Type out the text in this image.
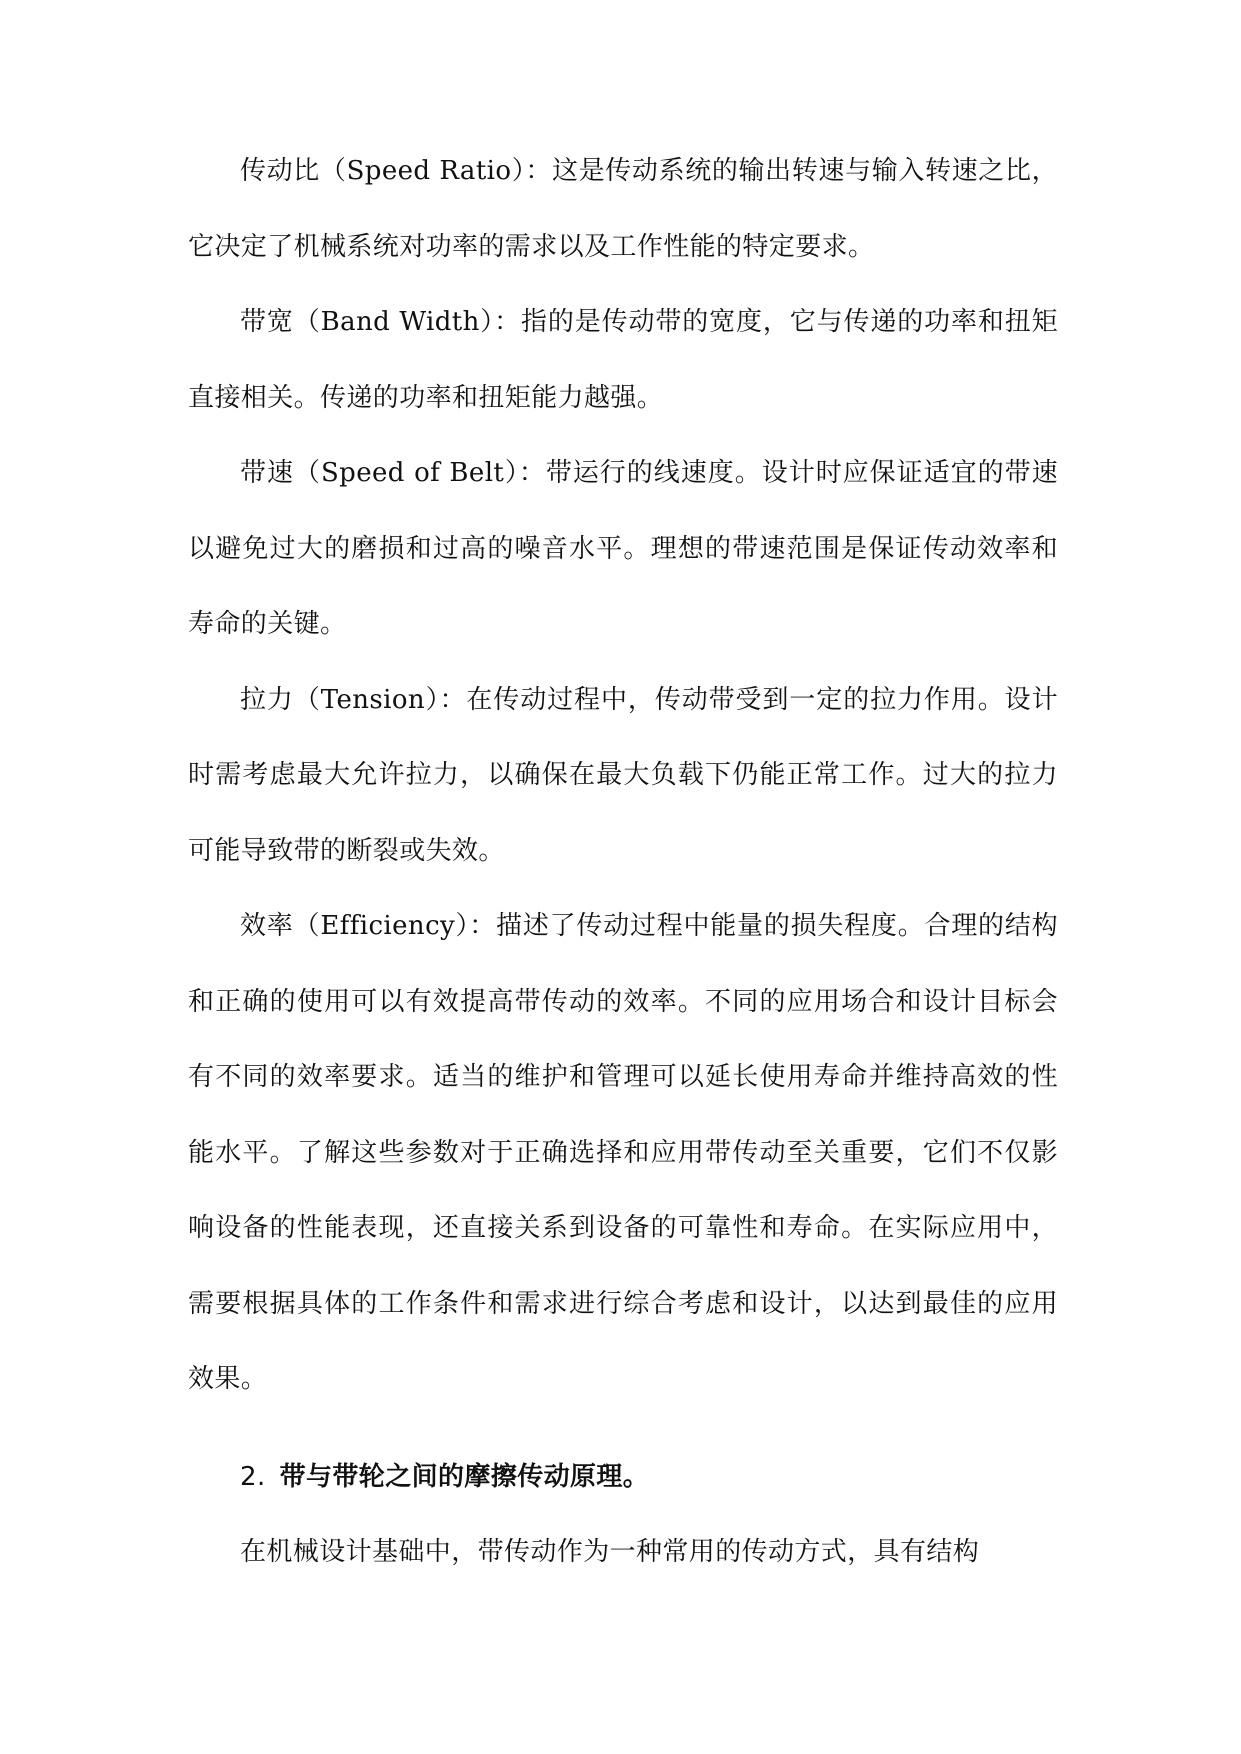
传动比（Speed Ratio）：这是传动系统的输出转速与输入转速之比，它决定了机械系统对功率的需求以及工作性能的特定要求。

带宽（Band Width）：指的是传动带的宽度，它与传递的功率和扭矩直接相关。传递的功率和扭矩能力越强。

带速（Speed of Belt）：带运行的线速度。设计时应保证适宜的带速以避免过大的磨损和过高的噪音水平。理想的带速范围是保证传动效率和寿命的关键。

拉力（Tension）：在传动过程中，传动带受到一定的拉力作用。设计时需考虑最大允许拉力，以确保在最大负载下仍能正常工作。过大的拉力可能导致带的断裂或失效。

效率（Efficiency）：描述了传动过程中能量的损失程度。合理的结构和正确的使用可以有效提高带传动的效率。不同的应用场合和设计目标会有不同的效率要求。适当的维护和管理可以延长使用寿命并维持高效的性能水平。了解这些参数对于正确选择和应用带传动至关重要，它们不仅影响设备的性能表现，还直接关系到设备的可靠性和寿命。在实际应用中，需要根据具体的工作条件和需求进行综合考虑和设计，以达到最佳的应用效果。

2. 带与带轮之间的摩擦传动原理。

在机械设计基础中，带传动作为一种常用的传动方式，具有结构
